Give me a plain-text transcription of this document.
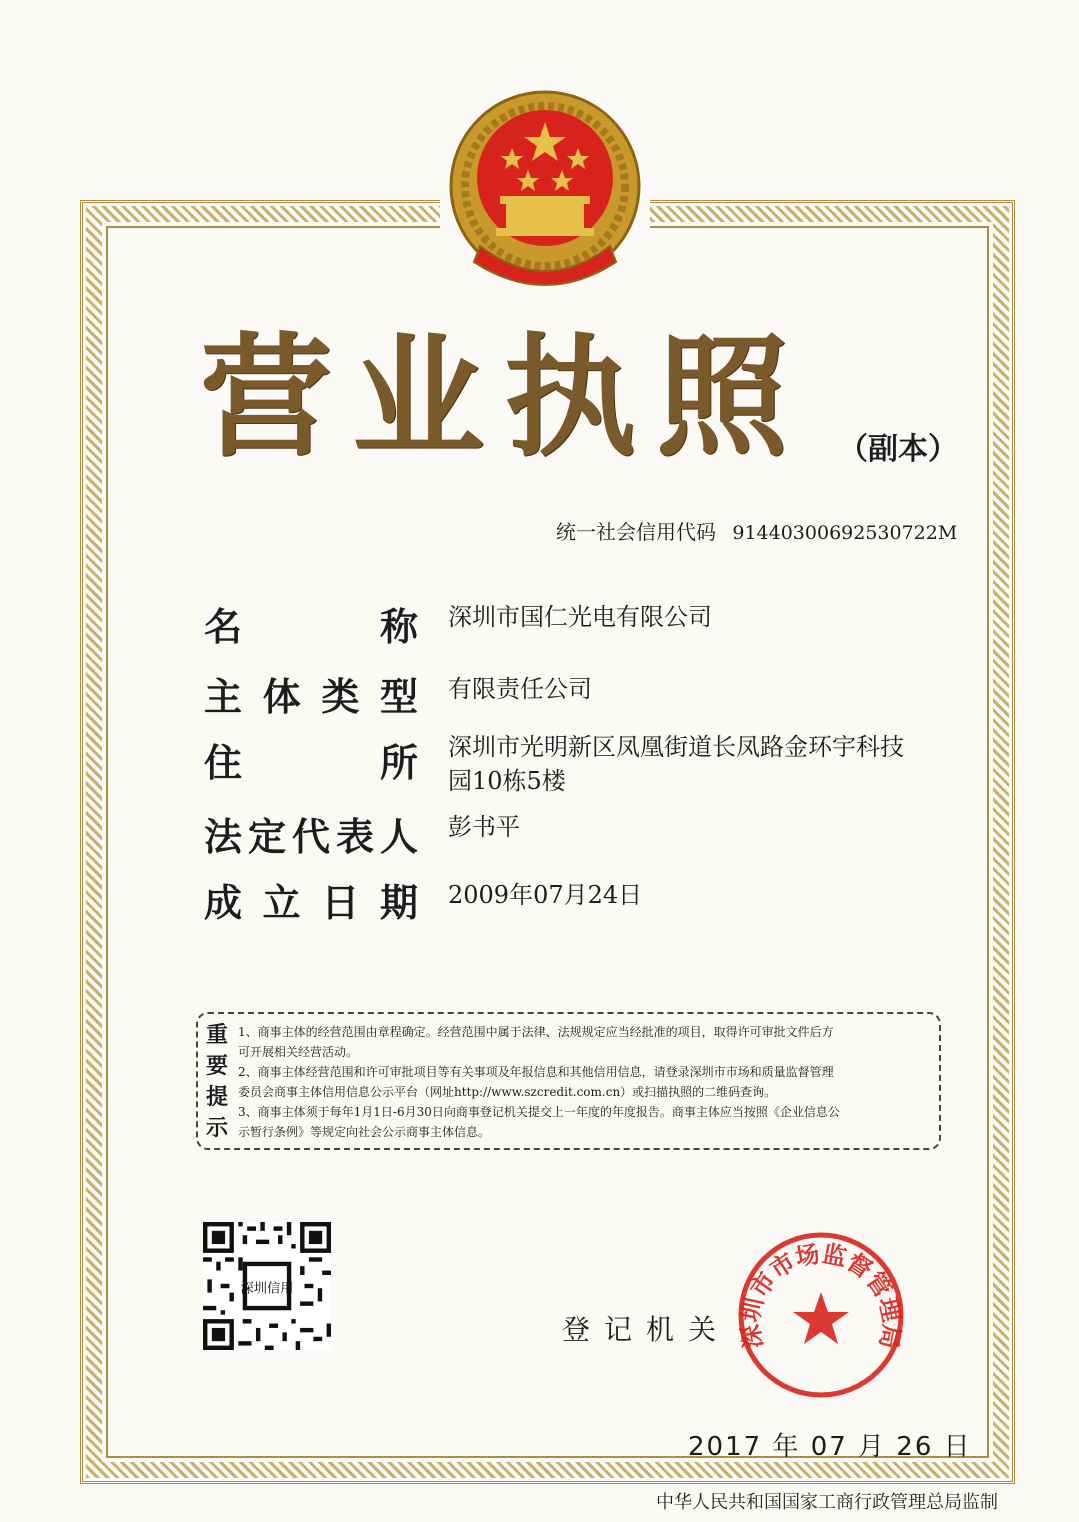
营业执照 （副本）
统一社会信用代码 91440300692530722M
名	称 深圳市国仁光电有限公司
主 体 类 型 有限责任公司
住	所 深圳市光明新区凤凰街道长凤路金环宇科技
园10栋5楼
法 定 代 表 人 彭书平
成 立 日 期 2009年07月24日
重
要
提
示
1、商事主体的经营范围由章程确定。经营范围中属于法律、法规规定应当经批准的项目，取得许可审批文件后方
可开展相关经营活动。
2、商事主体经营范围和许可审批项目等有关事项及年报信息和其他信用信息，请登录深圳市市场和质量监督管理
委员会商事主体信用信息公示平台（网址http://www.szcredit.com.cn）或扫描执照的二维码查询。
3、商事主体须于每年1月1日-6月30日向商事登记机关提交上一年度的年度报告。商事主体应当按照《企业信息公
示暂行条例》等规定向社会公示商事主体信息。
深圳信用
登记机关 深圳市市场监督管理局
2017 年 07 月 26 日
中华人民共和国国家工商行政管理总局监制
